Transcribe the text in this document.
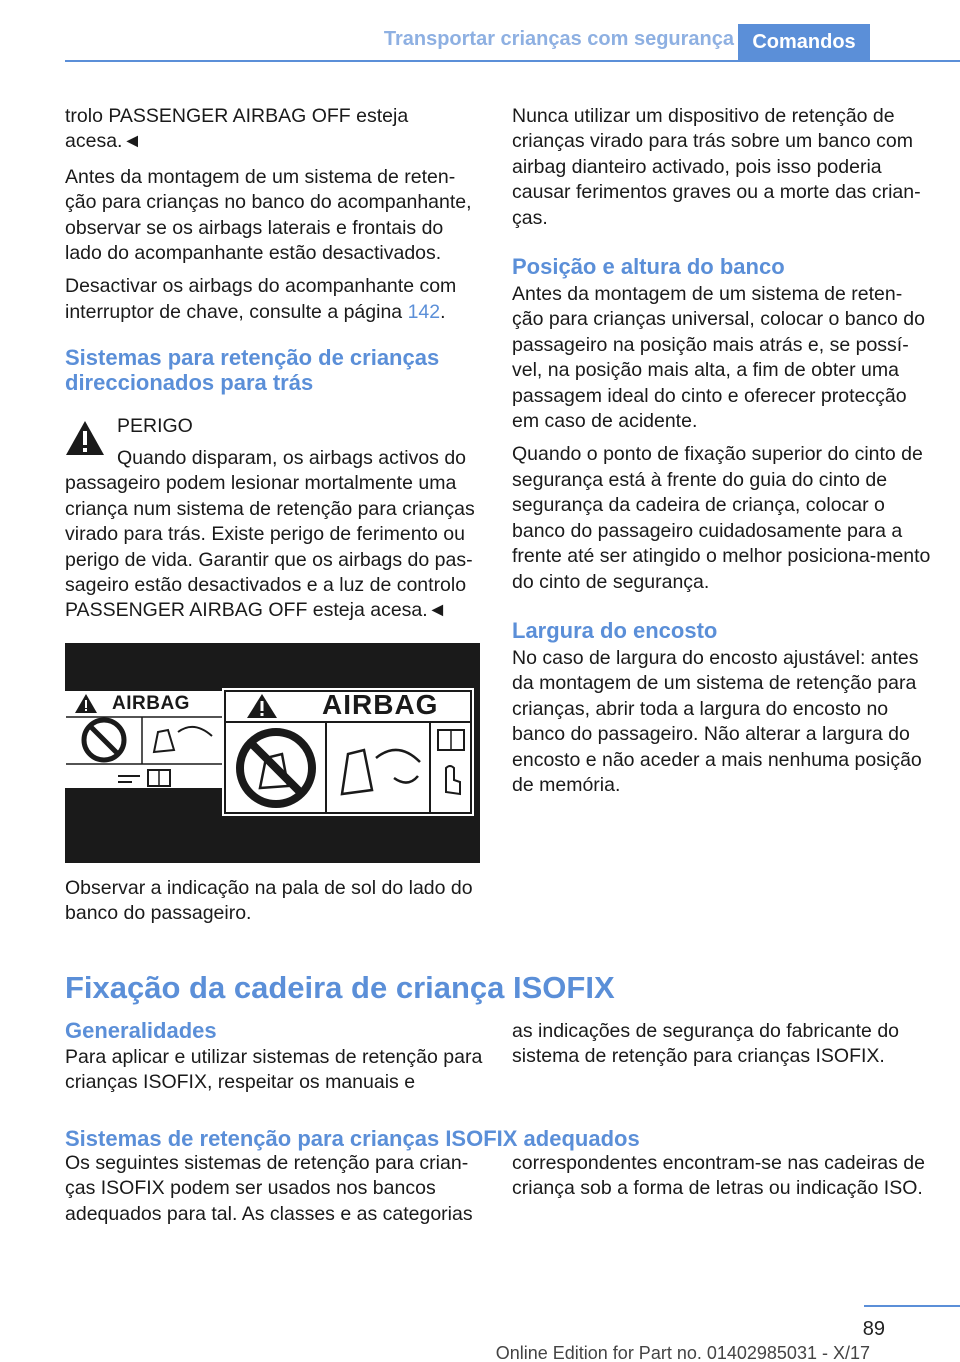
Transportar crianças com segurança Comandos

trolo PASSENGER AIRBAG OFF esteja acesa.◄

Antes da montagem de um sistema de reten-ção para crianças no banco do acompanhante, observar se os airbags laterais e frontais do lado do acompanhante estão desactivados.

Desactivar os airbags do acompanhante com interruptor de chave, consulte a página 142.

Sistemas para retenção de crianças direccionados para trás

PERIGO

Quando disparam, os airbags activos do passageiro podem lesionar mortalmente uma criança num sistema de retenção para crianças virado para trás. Existe perigo de ferimento ou perigo de vida. Garantir que os airbags do pas-sageiro estão desactivados e a luz de controlo PASSENGER AIRBAG OFF esteja acesa.◄

AIRBAG	AIRBAG

Observar a indicação na pala de sol do lado do banco do passageiro.

Nunca utilizar um dispositivo de retenção de crianças virado para trás sobre um banco com airbag dianteiro activado, pois isso poderia causar ferimentos graves ou a morte das crian-ças.

Posição e altura do banco

Antes da montagem de um sistema de reten-ção para crianças universal, colocar o banco do passageiro na posição mais atrás e, se possí-vel, na posição mais alta, a fim de obter uma passagem ideal do cinto e oferecer protecção em caso de acidente.

Quando o ponto de fixação superior do cinto de segurança está à frente do guia do cinto de segurança da cadeira de criança, colocar o banco do passageiro cuidadosamente para a frente até ser atingido o melhor posiciona-mento do cinto de segurança.

Largura do encosto

No caso de largura do encosto ajustável: antes da montagem de um sistema de retenção para crianças, abrir toda a largura do encosto no banco do passageiro. Não alterar a largura do encosto e não aceder a mais nenhuma posição de memória.

Fixação da cadeira de criança ISOFIX
Generalidades

Para aplicar e utilizar sistemas de retenção para crianças ISOFIX, respeitar os manuais e

as indicações de segurança do fabricante do sistema de retenção para crianças ISOFIX.

Sistemas de retenção para crianças ISOFIX adequados

Os seguintes sistemas de retenção para crian-ças ISOFIX podem ser usados nos bancos adequados para tal. As classes e as categorias

correspondentes encontram-se nas cadeiras de criança sob a forma de letras ou indicação ISO.

89
Online Edition for Part no. 01402985031 - X/17
